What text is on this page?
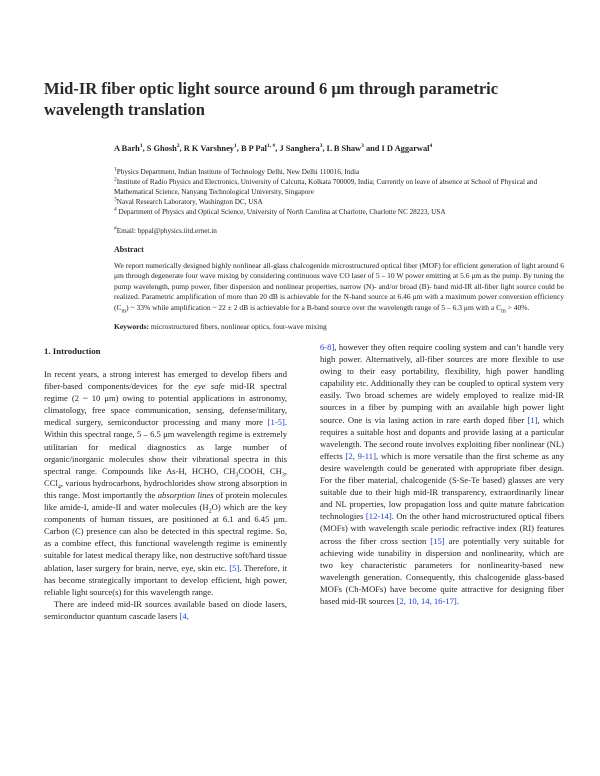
Mid-IR fiber optic light source around 6 μm through parametric wavelength translation
A Barh$^1$, S Ghosh$^2$, R K Varshney$^1$, B P Pal$^{1, \#}$, J Sanghera$^3$, L B Shaw$^3$ and I D Aggarwal$^4$
$^1$Physics Department, Indian Institute of Technology Delhi, New Delhi 110016, India
$^2$Institute of Radio Physics and Electronics, University of Calcutta, Kolkata 700009, India; Currently on leave of absence at School of Physical and Mathematical Science, Nanyang Technological University, Singapore
$^3$Naval Research Laboratory, Washington DC, USA
$^4$ Department of Physics and Optical Science, University of North Carolina at Charlotte, Charlotte NC 28223, USA
#Email: bppal@physics.iitd.ernet.in
Abstract
We report numerically designed highly nonlinear all-glass chalcogenide microstructured optical fiber (MOF) for efficient generation of light around 6 μm through degenerate four wave mixing by considering continuous wave CO laser of 5 – 10 W power emitting at 5.6 μm as the pump. By tuning the pump wavelength, pump power, fiber dispersion and nonlinear properties, narrow (N)- and/or broad (B)- band mid-IR all-fiber light source could be realized. Parametric amplification of more than 20 dB is achievable for the N-band source at 6.46 μm with a maximum power conversion efficiency $(C_m)$ ~ 33% while amplification ~ 22 ± 2 dB is achievable for a B-band source over the wavelength range of 5 – 6.3 μm with a $C_m > 40\%$.
Keywords: microstructured fibers, nonlinear optics, four-wave mixing
1. Introduction

In recent years, a strong interest has emerged to develop fibers and fiber-based components/devices for the eye safe mid-IR spectral regime (2 ~ 10 μm) owing to potential applications in astronomy, climatology, free space communication, sensing, defense/military, medical surgery, semiconductor processing and many more [1-5]. Within this spectral range, 5 – 6.5 μm wavelength regime is extremely utilitarian for medical diagnostics as large number of organic/inorganic molecules show their vibrational spectra in this spectral range. Compounds like As-H, HCHO, $CH_3COOH$, $CH_3$, CCl$_4$, various hydrocarbons, hydrochlorides show strong absorption in this range. Most importantly the absorption lines of protein molecules like amide-I, amide-II and water molecules $(H_2O)$ which are the key components of human tissues, are positioned at 6.1 and 6.45 μm. Carbon (C) presence can also be detected in this spectral regime. So, as a combine effect, this functional wavelength regime is eminently suitable for latest medical therapy like, non destructive soft/hard tissue ablation, laser surgery for brain, nerve, eye, skin etc. [5]. Therefore, it has become strategically important to develop efficient, high power, reliable light source(s) for this wavelength range.

There are indeed mid-IR sources available based on diode lasers, semiconductor quantum cascade lasers [4,

6-8], however they often require cooling system and can’t handle very high power. Alternatively, all-fiber sources are more flexible to use owing to their easy portability, flexibility, high power handling capability etc. Additionally they can be coupled to optical system very easily. Two broad schemes are widely employed to realize mid-IR sources in a fiber by pumping with an available high power light source. One is via lasing action in rare earth doped fiber [1], which requires a suitable host and dopants and provide lasing at a particular wavelength. The second route involves exploiting fiber nonlinear (NL) effects [2, 9-11], which is more versatile than the first scheme as any desire wavelength could be generated with appropriate fiber design. For the fiber material, chalcogenide (S-Se-Te based) glasses are very suitable due to their high mid-IR transparency, extraordinarily linear and NL properties, low propagation loss and quite mature fabrication technologies [12-14]. On the other hand microstructured optical fibers (MOFs) with wavelength scale periodic refractive index (RI) features across the fiber cross section [15] are potentially very suitable for achieving wide tunability in dispersion and nonlinearity, which are two key characteristic parameters for nonlinearity-based new wavelength generation. Consequently, this chalcogenide glass-based MOFs (Ch-MOFs) have become quite attractive for designing fiber based mid-IR sources [2, 10, 14, 16-17].
